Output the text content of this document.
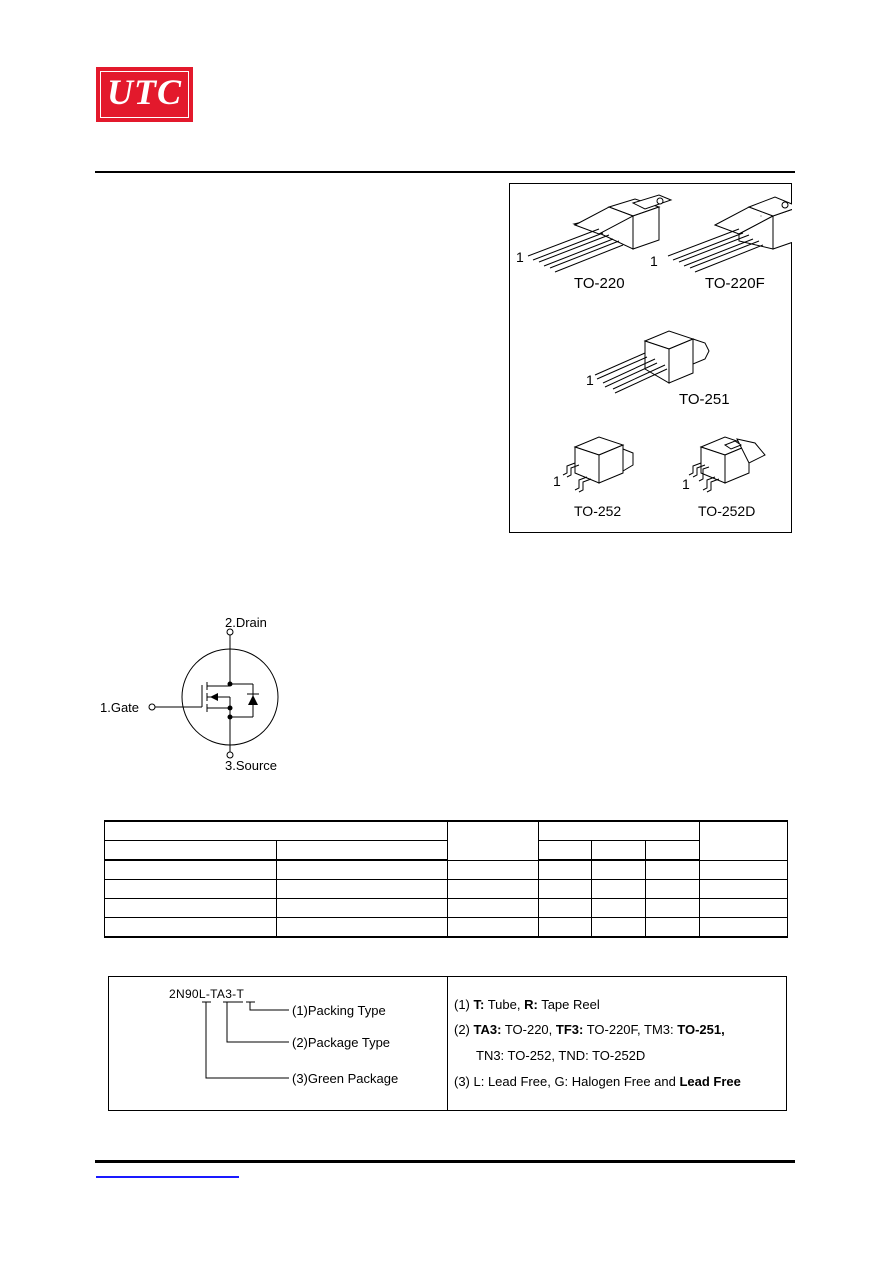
UTC
TO-220
1
TO-220F
1
TO-251
1
TO-252
1
TO-252D
1
2.Drain
1.Gate
3.Source

2N90L-TA3-T
(1)Packing Type
(2)Package Type
(3)Green Package
(1) T: Tube, R: Tape Reel
(2) TA3: TO-220, TF3: TO-220F, TM3: TO-251,
TN3: TO-252, TND: TO-252D
(3) L: Lead Free, G: Halogen Free and Lead Free
